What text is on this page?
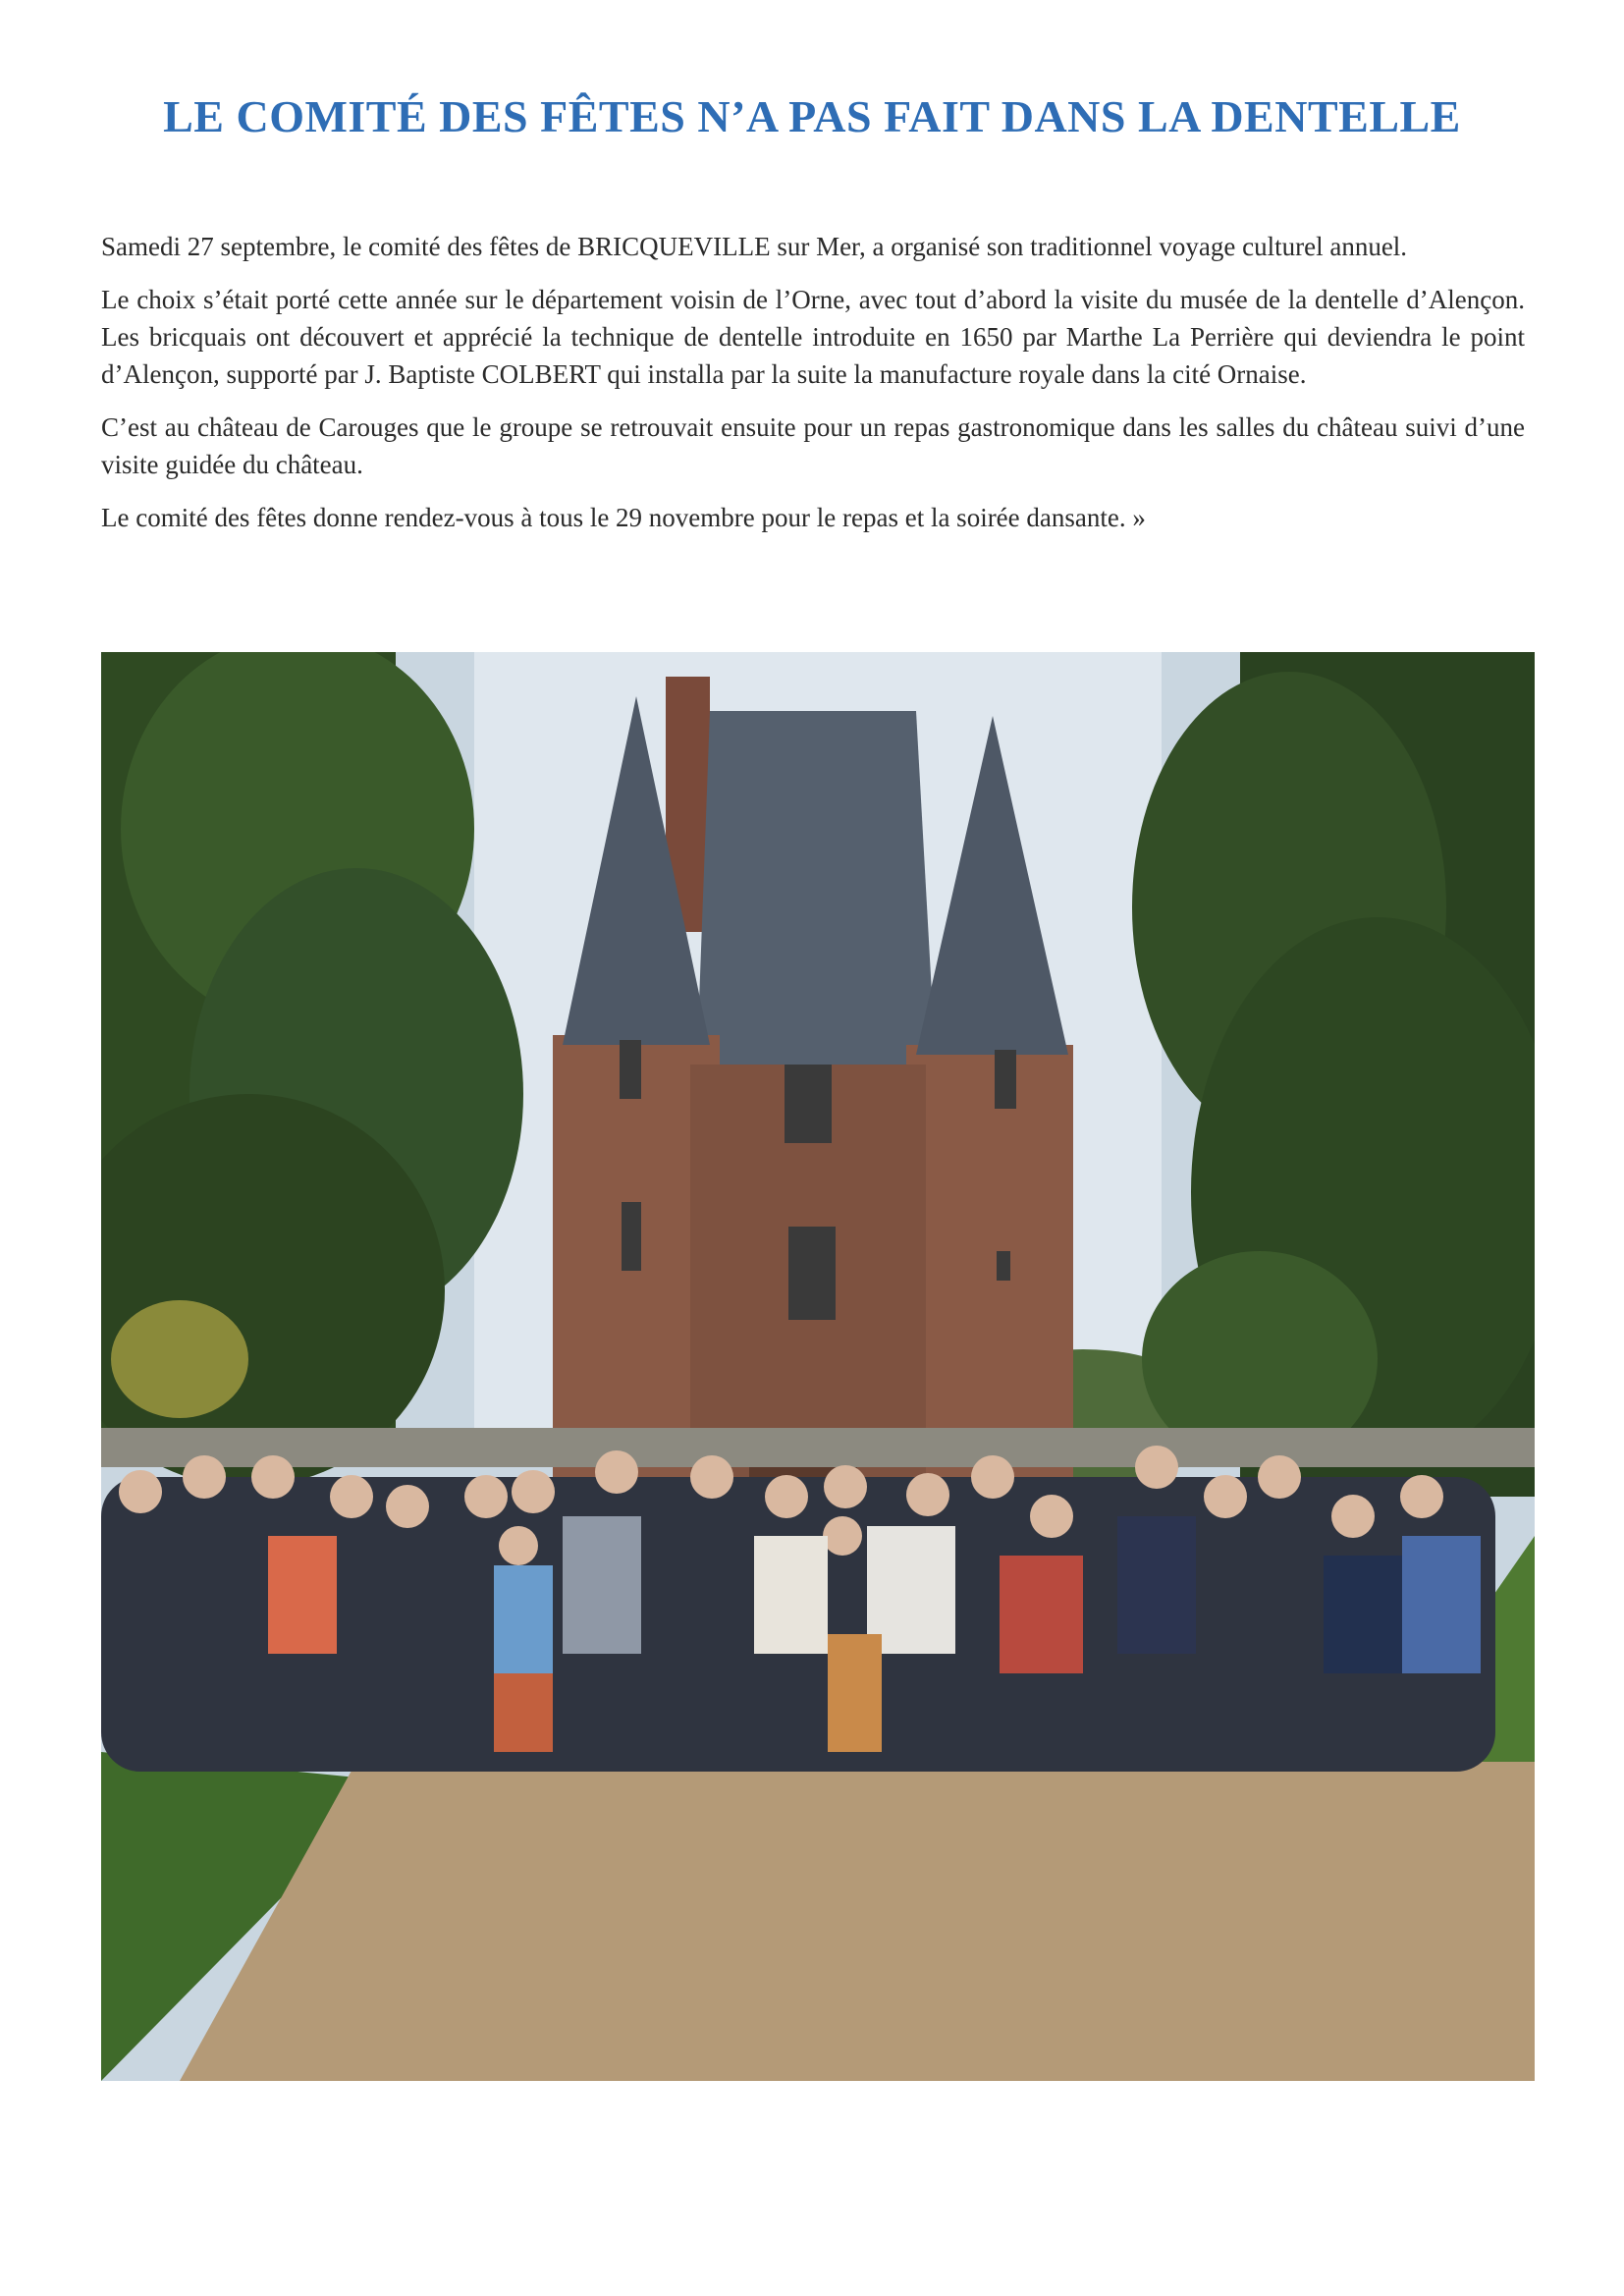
LE COMITÉ DES FÊTES N’A PAS FAIT DANS LA DENTELLE

Samedi 27 septembre, le comité des fêtes de BRICQUEVILLE sur Mer, a organisé son traditionnel voyage culturel annuel.

Le choix s’était porté cette année sur le département voisin de l’Orne, avec tout d’abord la visite du musée de la dentelle d’Alençon. Les bricquais ont découvert et apprécié la technique de dentelle introduite en 1650 par Marthe La Perrière qui deviendra le point d’Alençon, supporté par J. Baptiste COLBERT qui installa par la suite la manufacture royale dans la cité Ornaise.

C’est au château de Carouges que le groupe se retrouvait ensuite pour un repas gastronomique dans les salles du château suivi d’une visite guidée du château.

Le comité des fêtes donne rendez-vous à tous le 29 novembre pour le repas et la soirée dansante. »
